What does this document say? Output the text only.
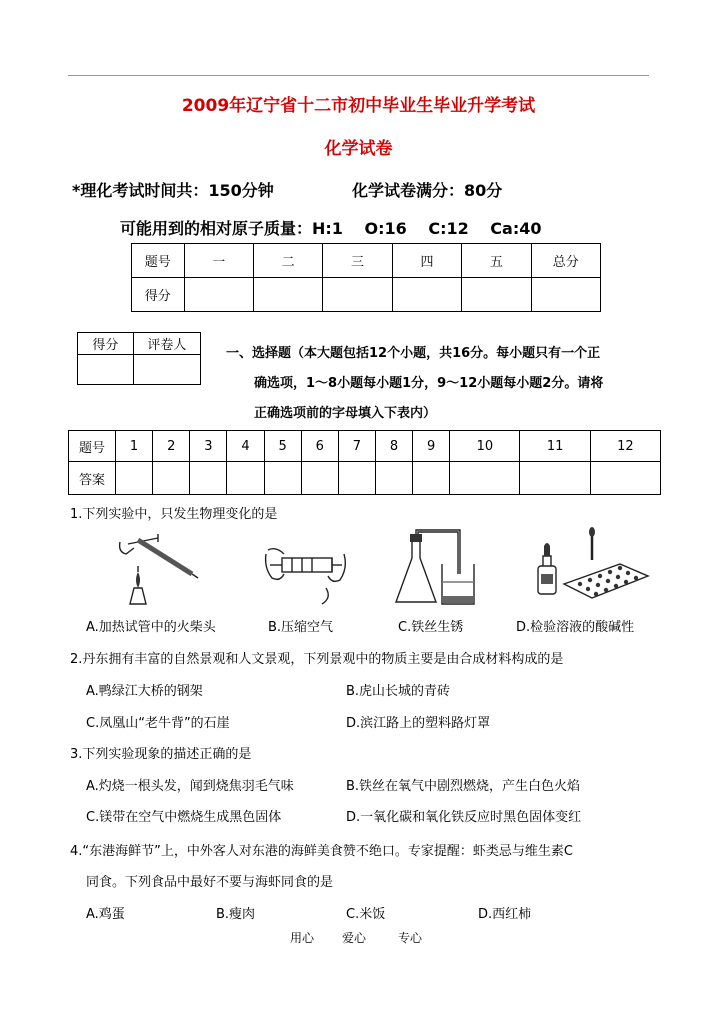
2009年辽宁省十二市初中毕业生毕业升学考试
化学试卷
*理化考试时间共：150分钟	化学试卷满分：80分
可能用到的相对原子质量：H:1　 O:16　 C:12　 Ca:40
题号	一	二	三	四	五	总分
得分						
得分	评卷人

一、选择题（本大题包括12个小题，共16分。每小题只有一个正
确选项，1～8小题每小题1分，9～12小题每小题2分。请将
正确选项前的字母填入下表内）
题号	1	2	3	4	5	6	7	8	9	10	11	12
答案												
1.下列实验中，只发生物理变化的是
A.加热试管中的火柴头	B.压缩空气	C.铁丝生锈	D.检验溶液的酸碱性
2.丹东拥有丰富的自然景观和人文景观，下列景观中的物质主要是由合成材料构成的是
A.鸭绿江大桥的钢架	B.虎山长城的青砖
C.凤凰山“老牛背”的石崖	D.滨江路上的塑料路灯罩
3.下列实验现象的描述正确的是
A.灼烧一根头发，闻到烧焦羽毛气味	B.铁丝在氧气中剧烈燃烧，产生白色火焰
C.镁带在空气中燃烧生成黑色固体	D.一氧化碳和氧化铁反应时黑色固体变红
4.“东港海鲜节”上，中外客人对东港的海鲜美食赞不绝口。专家提醒：虾类忌与维生素C
同食。下列食品中最好不要与海虾同食的是
A.鸡蛋	B.瘦肉	C.米饭	D.西红柿
用心 爱心	专心
